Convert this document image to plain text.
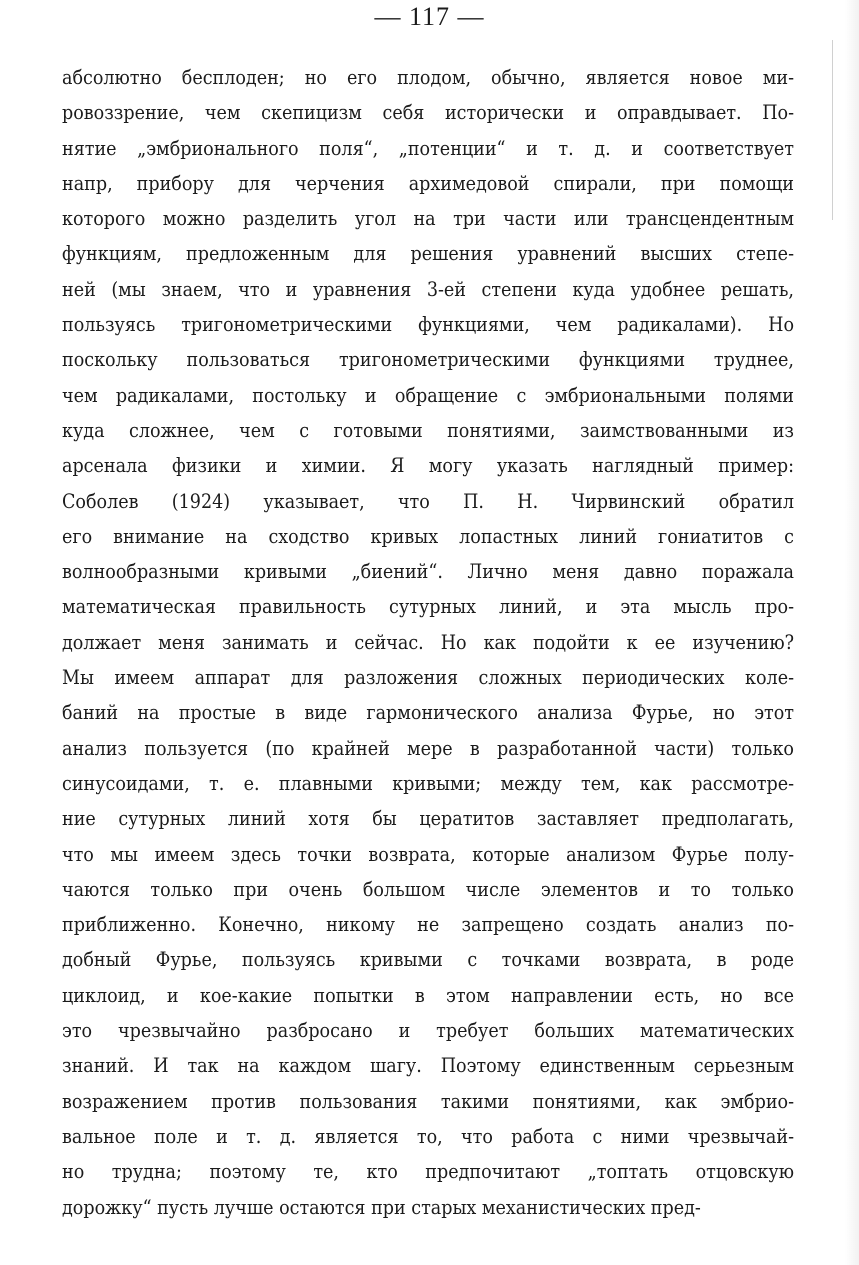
— 117 —
абсолютно бесплоден; но его плодом, обычно, является новое ми-
ровоззрение, чем скепицизм себя исторически и оправдывает. По-
нятие „эмбрионального поля“, „потенции“ и т. д. и соответствует
напр, прибору для черчения архимедовой спирали, при помощи
которого можно разделить угол на три части или трансцендентным
функциям, предложенным для решения уравнений высших степе-
ней (мы знаем, что и уравнения 3-ей степени куда удобнее решать,
пользуясь тригонометрическими функциями, чем радикалами). Но
поскольку пользоваться тригонометрическими функциями труднее,
чем радикалами, постольку и обращение с эмбриональными полями
куда сложнее, чем с готовыми понятиями, заимствованными из
арсенала физики и химии. Я могу указать наглядный пример:
Соболев (1924) указывает, что П. Н. Чирвинский обратил
его внимание на сходство кривых лопастных линий гониатитов с
волнообразными кривыми „биений“. Лично меня давно поражала
математическая правильность сутурных линий, и эта мысль про-
должает меня занимать и сейчас. Но как подойти к ее изучению?
Мы имеем аппарат для разложения сложных периодических коле-
баний на простые в виде гармонического анализа Фурье, но этот
анализ пользуется (по крайней мере в разработанной части) только
синусоидами, т. е. плавными кривыми; между тем, как рассмотре-
ние сутурных линий хотя бы цератитов заставляет предполагать,
что мы имеем здесь точки возврата, которые анализом Фурье полу-
чаются только при очень большом числе элементов и то только
приближенно. Конечно, никому не запрещено создать анализ по-
добный Фурье, пользуясь кривыми с точками возврата, в роде
циклоид, и кое-какие попытки в этом направлении есть, но все
это чрезвычайно разбросано и требует больших математических
знаний. И так на каждом шагу. Поэтому единственным серьезным
возражением против пользования такими понятиями, как эмбрио-
вальное поле и т. д. является то, что работа с ними чрезвычай-
но трудна; поэтому те, кто предпочитают „топтать отцовскую
дорожку“ пусть лучше остаются при старых механистических пред-
